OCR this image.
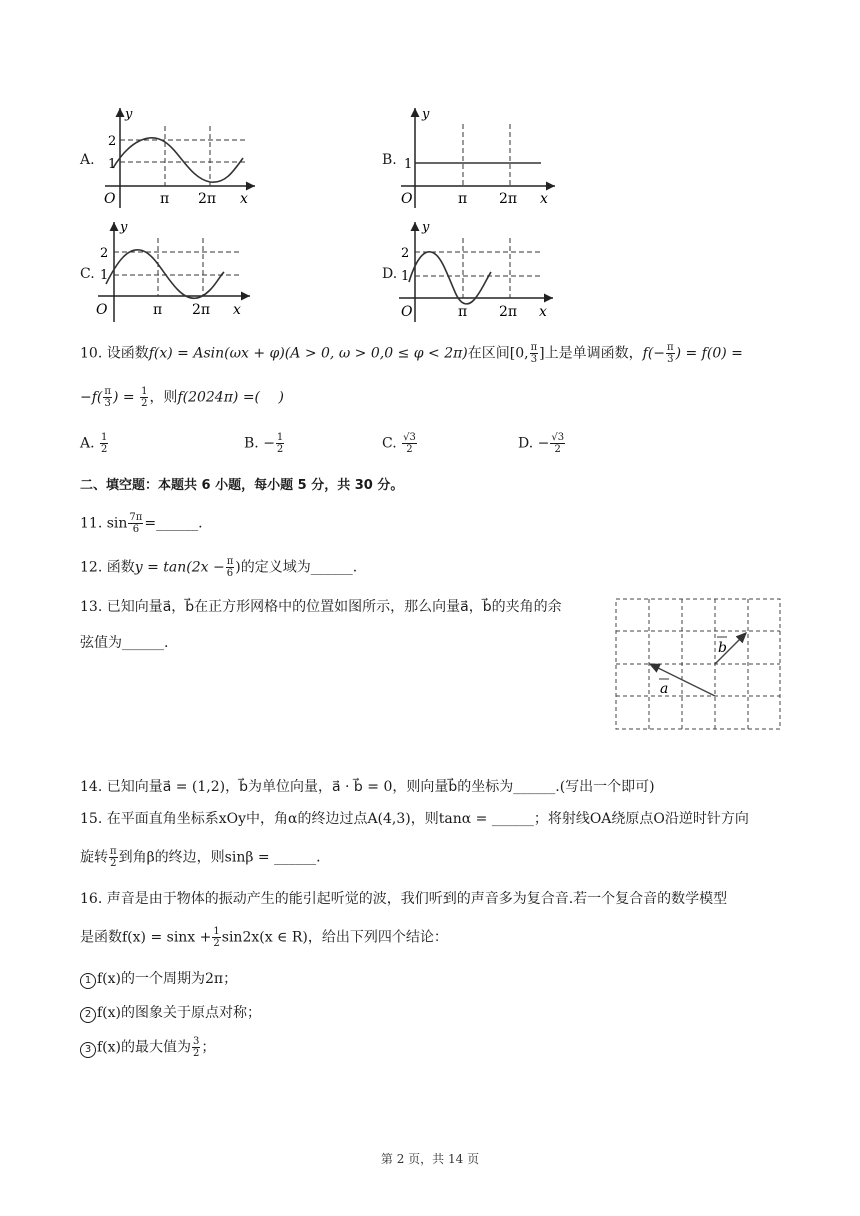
A.
y
2
1
O	π 2π x
B.
y
1
O	π 2π x
C.
y
2
1
O	π 2π x
D.
y
2
1
O	π 2π x
10. 设函数f(x) = Asin(ωx + φ)(A > 0, ω > 0,0 ≤ φ < 2π)在区间[0, $\frac{\pi}{3}$ ]上是单调函数，$f(- \frac{\pi}{3}$ ) = f(0) =
$-f( \frac{\pi}{3}$ ) = $\frac{1}{2}$ ，则f(2024π) =(　 )
A. $\frac{1}{2}$	B. − $\frac{1}{2}$	C. $\frac{√3}{2}$	D. − $\frac{√3}{2}$
二、填空题：本题共 6 小题，每小题 5 分，共 30 分。
11. $\sin \frac{7\pi}{6}$ =______.
12. 函数$y = \tan(2x - \frac{\pi}{6}$ )的定义域为______.
13. 已知向量a⃗，b⃗在正方形网格中的位置如图所示，那么向量a⃗，b⃗的夹角的余
弦值为______.
a
b
14. 已知向量a⃗ = (1,2)，b⃗为单位向量，a⃗ · b⃗ = 0，则向量b⃗的坐标为______.(写出一个即可)
15. 在平面直角坐标系xOy中，角α的终边过点A(4,3)，则tanα = ______；将射线OA绕原点O沿逆时针方向
旋转 $\frac{\pi}{2}$ 到角β的终边，则sinβ = ______.
16. 声音是由于物体的振动产生的能引起听觉的波，我们听到的声音多为复合音.若一个复合音的数学模型
是函数$f(x) = \sin x + \frac{1}{2} \sin 2x(x$ ∈ R)，给出下列四个结论：
1 f(x)的一个周期为2π；
2 f(x)的图象关于原点对称；
3 f(x)的最大值为 $\frac{3}{2}$ ；
第 2 页，共 14 页
